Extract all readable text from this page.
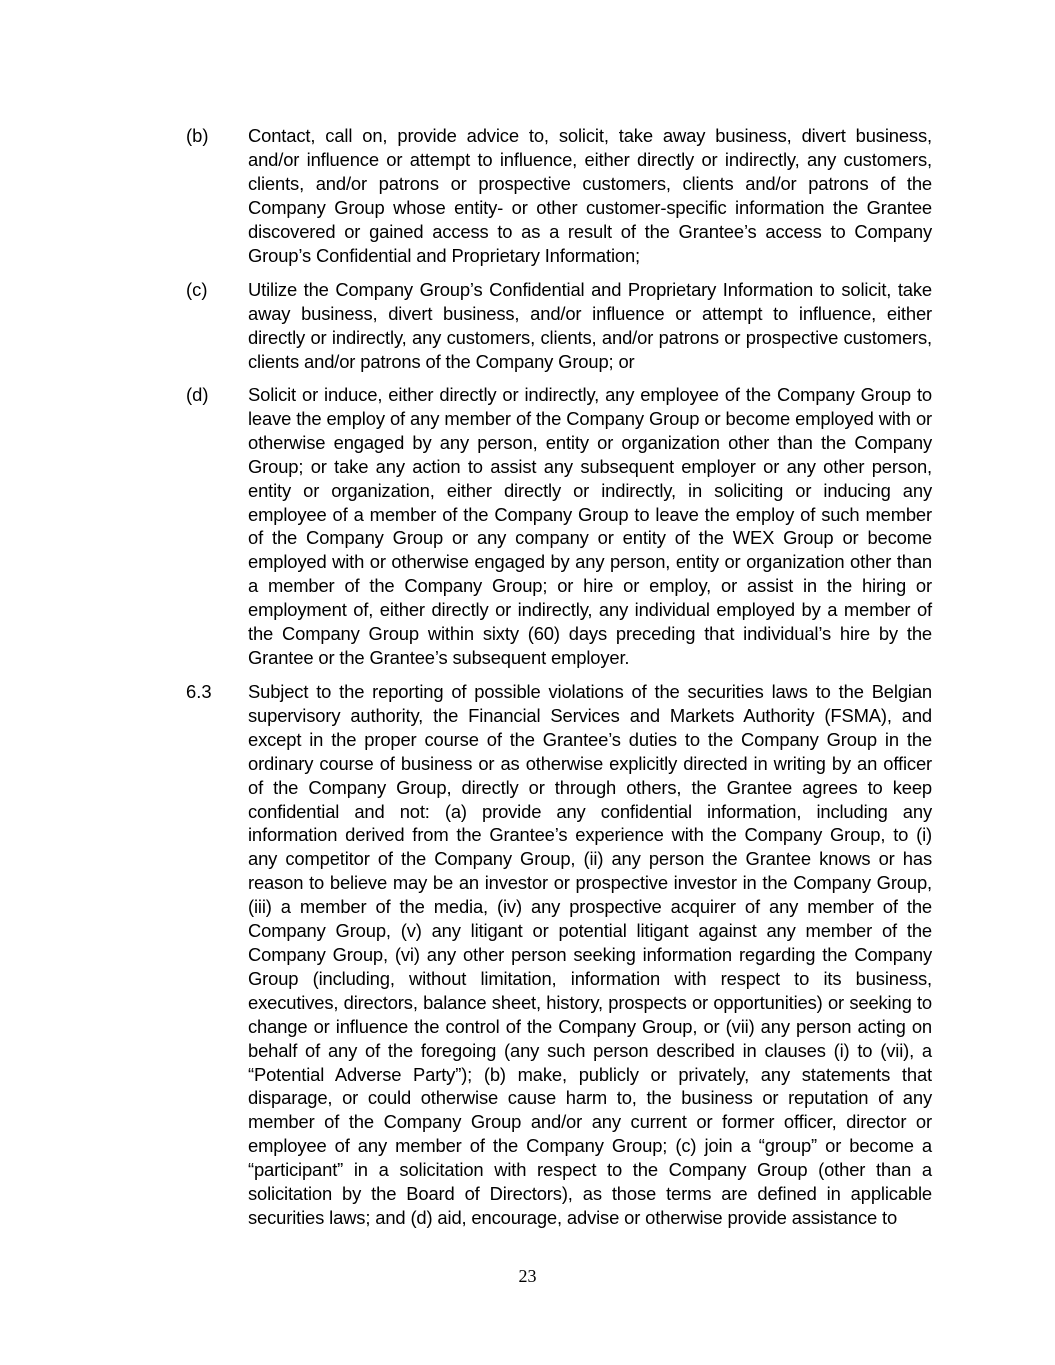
(b) Contact, call on, provide advice to, solicit, take away business, divert business, and/or influence or attempt to influence, either directly or indirectly, any customers, clients, and/or patrons or prospective customers, clients and/or patrons of the Company Group whose entity- or other customer-specific information the Grantee discovered or gained access to as a result of the Grantee’s access to Company Group’s Confidential and Proprietary Information;
(c) Utilize the Company Group’s Confidential and Proprietary Information to solicit, take away business, divert business, and/or influence or attempt to influence, either directly or indirectly, any customers, clients, and/or patrons or prospective customers, clients and/or patrons of the Company Group; or
(d) Solicit or induce, either directly or indirectly, any employee of the Company Group to leave the employ of any member of the Company Group or become employed with or otherwise engaged by any person, entity or organization other than the Company Group; or take any action to assist any subsequent employer or any other person, entity or organization, either directly or indirectly, in soliciting or inducing any employee of a member of the Company Group to leave the employ of such member of the Company Group or any company or entity of the WEX Group or become employed with or otherwise engaged by any person, entity or organization other than a member of the Company Group; or hire or employ, or assist in the hiring or employment of, either directly or indirectly, any individual employed by a member of the Company Group within sixty (60) days preceding that individual’s hire by the Grantee or the Grantee’s subsequent employer.
6.3 Subject to the reporting of possible violations of the securities laws to the Belgian supervisory authority, the Financial Services and Markets Authority (FSMA), and except in the proper course of the Grantee’s duties to the Company Group in the ordinary course of business or as otherwise explicitly directed in writing by an officer of the Company Group, directly or through others, the Grantee agrees to keep confidential and not: (a) provide any confidential information, including any information derived from the Grantee’s experience with the Company Group, to (i) any competitor of the Company Group, (ii) any person the Grantee knows or has reason to believe may be an investor or prospective investor in the Company Group, (iii) a member of the media, (iv) any prospective acquirer of any member of the Company Group, (v) any litigant or potential litigant against any member of the Company Group, (vi) any other person seeking information regarding the Company Group (including, without limitation, information with respect to its business, executives, directors, balance sheet, history, prospects or opportunities) or seeking to change or influence the control of the Company Group, or (vii) any person acting on behalf of any of the foregoing (any such person described in clauses (i) to (vii), a “Potential Adverse Party”); (b) make, publicly or privately, any statements that disparage, or could otherwise cause harm to, the business or reputation of any member of the Company Group and/or any current or former officer, director or employee of any member of the Company Group; (c) join a “group” or become a “participant” in a solicitation with respect to the Company Group (other than a solicitation by the Board of Directors), as those terms are defined in applicable securities laws; and (d) aid, encourage, advise or otherwise provide assistance to
23
